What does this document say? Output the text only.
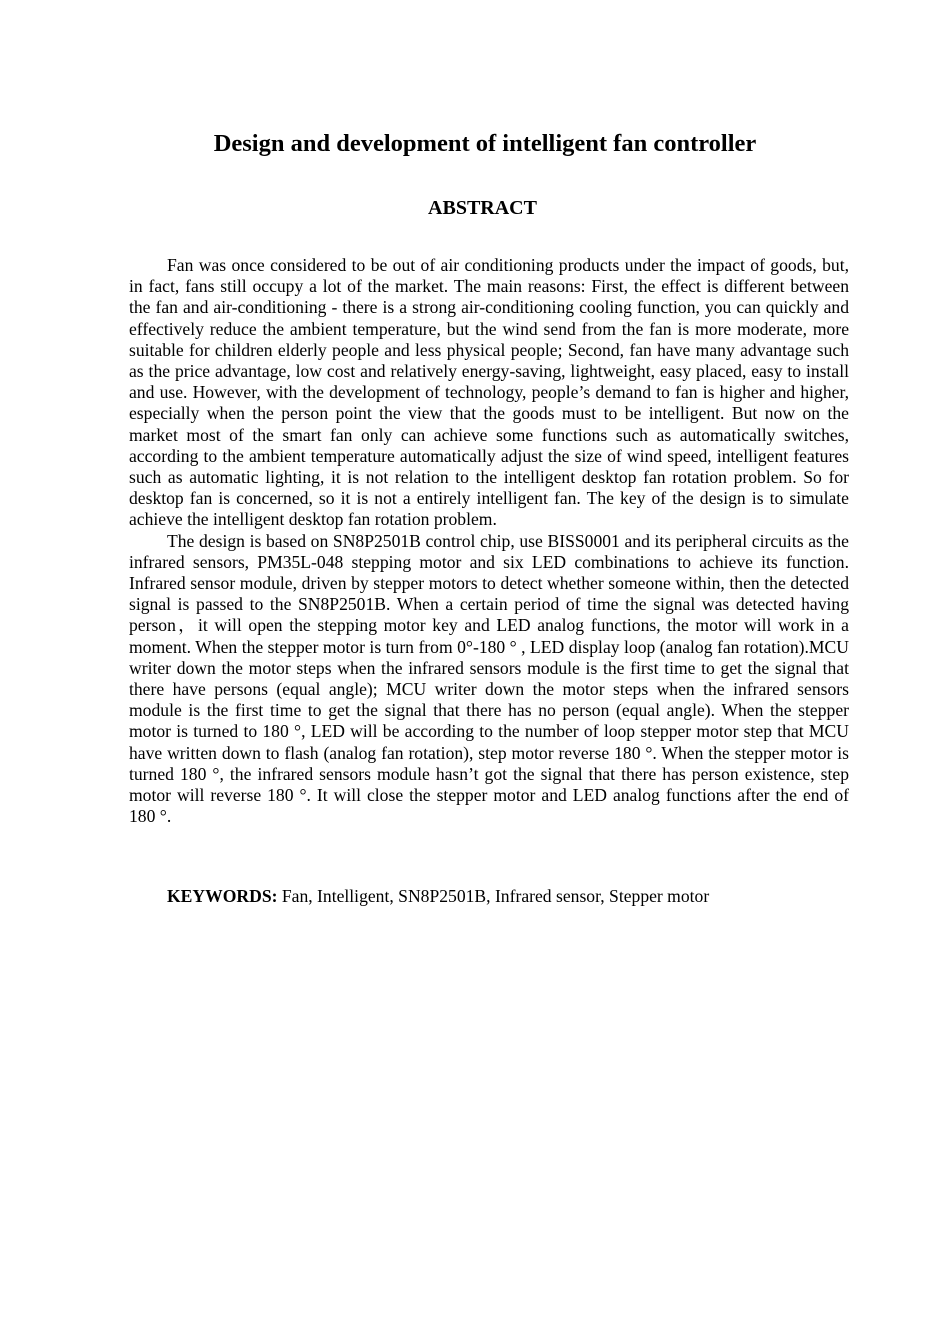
Design and development of intelligent fan controller
ABSTRACT

Fan was once considered to be out of air conditioning products under the impact of goods, but, in fact, fans still occupy a lot of the market. The main reasons: First, the effect is different between the fan and air-conditioning - there is a strong air-conditioning cooling function, you can quickly and effectively reduce the ambient temperature, but the wind send from the fan is more moderate, more suitable for children elderly people and less physical people; Second, fan have many advantage such as the price advantage, low cost and relatively energy-saving, lightweight, easy placed, easy to install and use. However, with the development of technology, people’s demand to fan is higher and higher, especially when the person point the view that the goods must to be intelligent. But now on the market most of the smart fan only can achieve some functions such as automatically switches, according to the ambient temperature automatically adjust the size of wind speed, intelligent features such as automatic lighting, it is not relation to the intelligent desktop fan rotation problem. So for desktop fan is concerned, so it is not a entirely intelligent fan. The key of the design is to simulate achieve the intelligent desktop fan rotation problem.

The design is based on SN8P2501B control chip, use BISS0001 and its peripheral circuits as the infrared sensors, PM35L-048 stepping motor and six LED combinations to achieve its function. Infrared sensor module, driven by stepper motors to detect whether someone within, then the detected signal is passed to the SN8P2501B. When a certain period of time the signal was detected having person，it will open the stepping motor key and LED analog functions, the motor will work in a moment. When the stepper motor is turn from 0°-180 ° , LED display loop (analog fan rotation).MCU writer down the motor steps when the infrared sensors module is the first time to get the signal that there have persons (equal angle); MCU writer down the motor steps when the infrared sensors module is the first time to get the signal that there has no person (equal angle). When the stepper motor is turned to 180 °, LED will be according to the number of loop stepper motor step that MCU have written down to flash (analog fan rotation), step motor reverse 180 °. When the stepper motor is turned 180 °, the infrared sensors module hasn’t got the signal that there has person existence, step motor will reverse 180 °. It will close the stepper motor and LED analog functions after the end of 180 °.

KEYWORDS: Fan, Intelligent, SN8P2501B, Infrared sensor, Stepper motor
